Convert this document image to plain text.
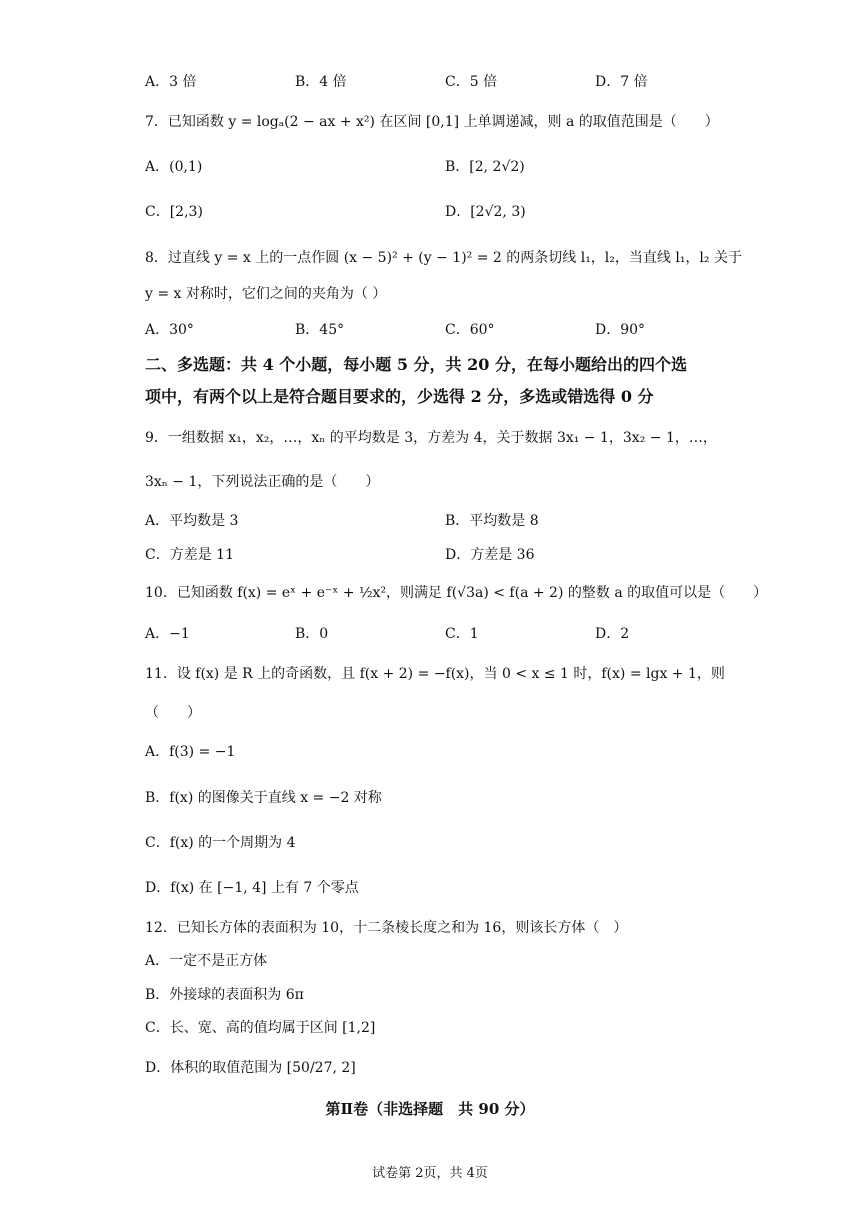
A．3 倍	B．4 倍	C．5 倍	D．7 倍
7．已知函数 y = logₐ(2 − ax + x²) 在区间 [0,1] 上单调递减，则 a 的取值范围是（　　）
A．(0,1)	B．[2, 2√2)
C．[2,3)	D．[2√2, 3)
8．过直线 y = x 上的一点作圆 (x − 5)² + (y − 1)² = 2 的两条切线 l₁，l₂，当直线 l₁，l₂ 关于
y = x 对称时，它们之间的夹角为（ ）
A．30°	B．45°	C．60°	D．90°
二、多选题：共 4 个小题，每小题 5 分，共 20 分，在每小题给出的四个选
项中，有两个以上是符合题目要求的，少选得 2 分，多选或错选得 0 分
9．一组数据 x₁，x₂，…，xₙ 的平均数是 3，方差为 4，关于数据 3x₁ − 1，3x₂ − 1，…，
3xₙ − 1，下列说法正确的是（　　）
A．平均数是 3	B．平均数是 8
C．方差是 11	D．方差是 36
10．已知函数 f(x) = eˣ + e⁻ˣ + ½x²，则满足 f(√3a) < f(a + 2) 的整数 a 的取值可以是（　　）
A．−1	B．0	C．1	D．2
11．设 f(x) 是 R 上的奇函数，且 f(x + 2) = −f(x)，当 0 < x ≤ 1 时，f(x) = lgx + 1，则
（　　）
A．f(3) = −1
B．f(x) 的图像关于直线 x = −2 对称
C．f(x) 的一个周期为 4
D．f(x) 在 [−1, 4] 上有 7 个零点
12．已知长方体的表面积为 10，十二条棱长度之和为 16，则该长方体（　）
A．一定不是正方体
B．外接球的表面积为 6π
C．长、宽、高的值均属于区间 [1,2]
D．体积的取值范围为 [50/27, 2]
第Ⅱ卷（非选择题　共 90 分）
试卷第 2页，共 4页
